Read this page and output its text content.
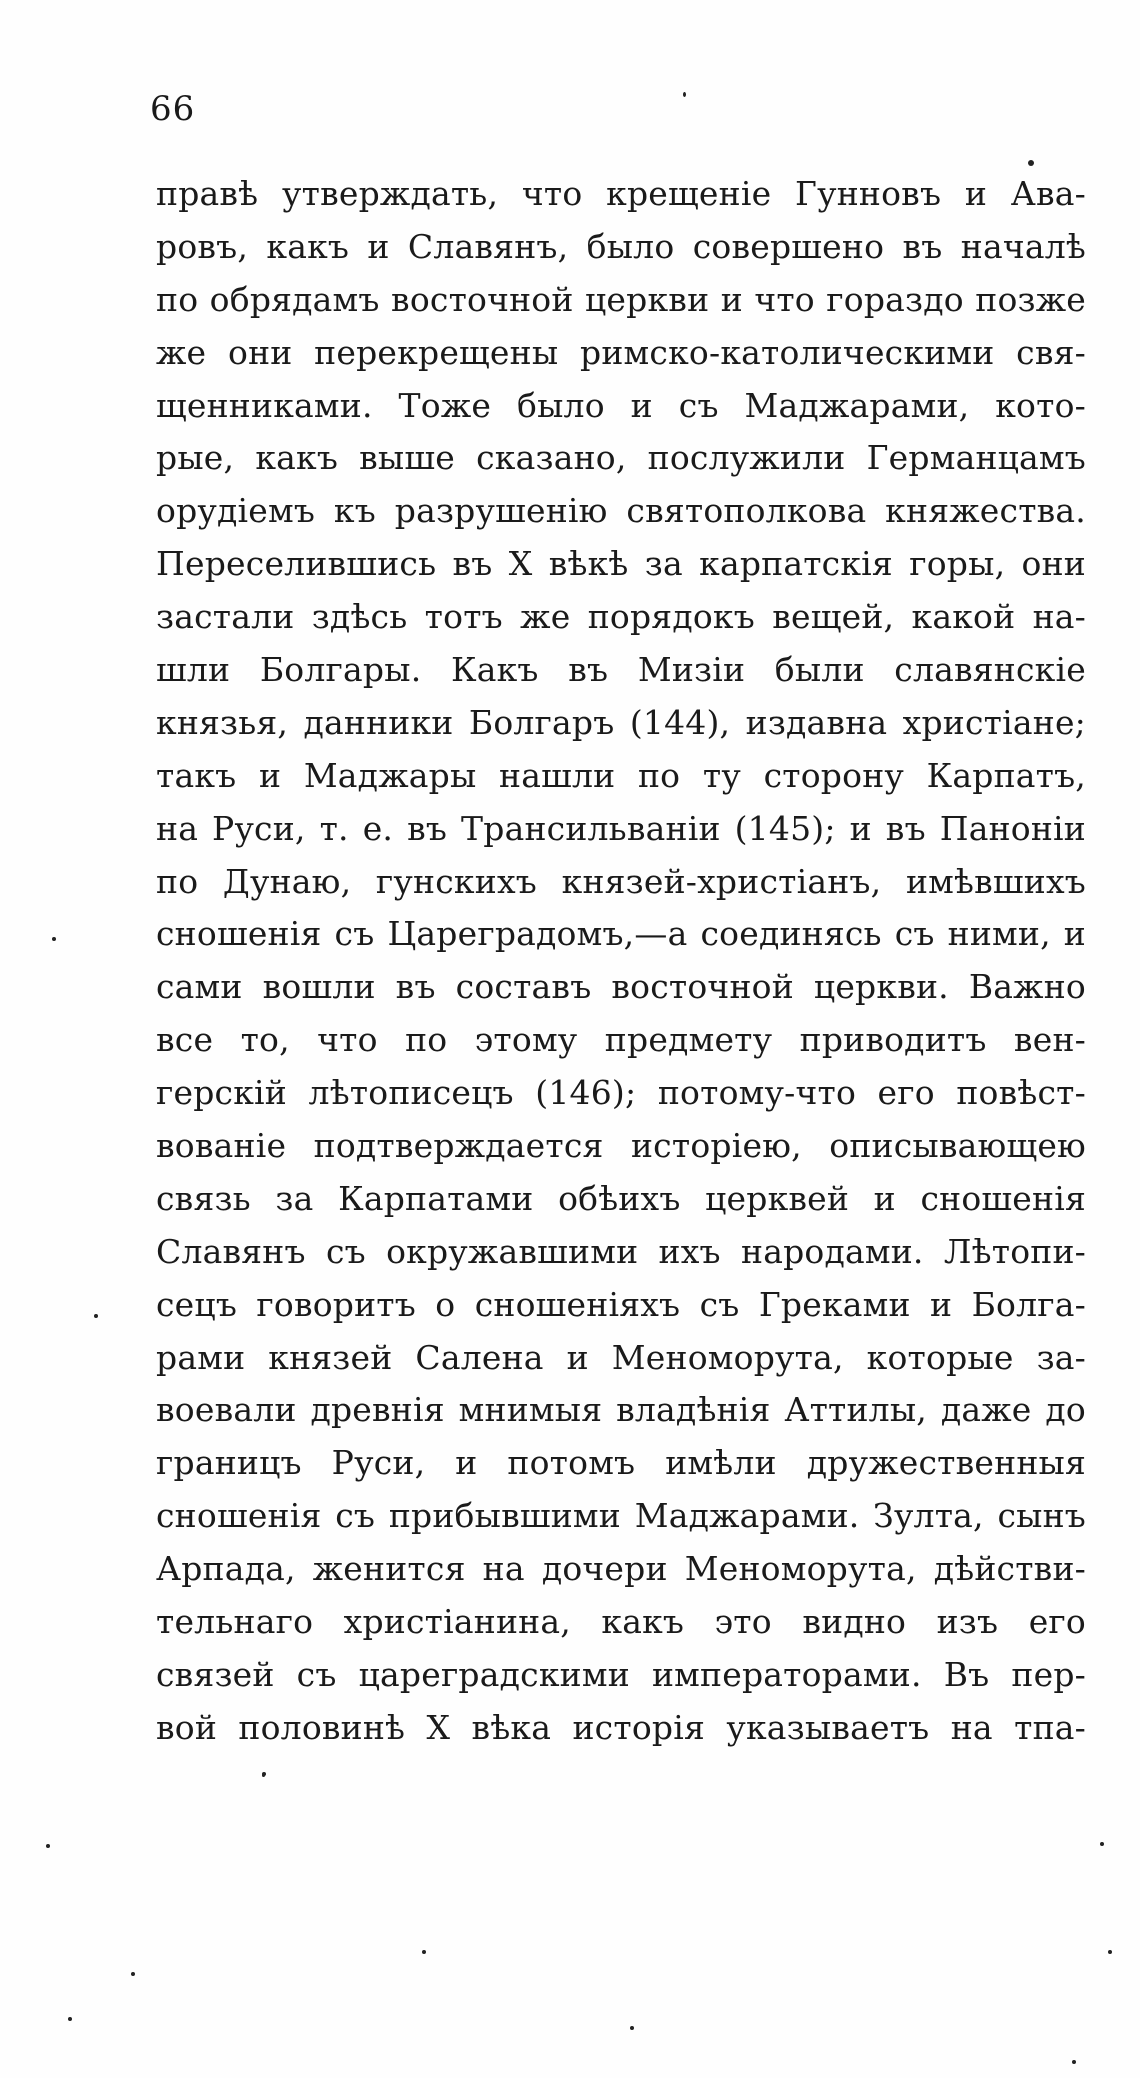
66
правѣ утверждать, что крещеніе Гунновъ и Ава-
ровъ, какъ и Славянъ, было совершено въ началѣ
по обрядамъ восточной церкви и что гораздо позже
же они перекрещены римско-католическими свя-
щенниками. Тоже было и съ Маджарами, кото-
рые, какъ выше сказано, послужили Германцамъ
орудіемъ къ разрушенію святополкова княжества.
Переселившись въ X вѣкѣ за карпатскія горы, они
застали здѣсь тотъ же порядокъ вещей, какой на-
шли Болгары. Какъ въ Мизіи были славянскіе
князья, данники Болгаръ (144), издавна христіане;
такъ и Маджары нашли по ту сторону Карпатъ,
на Руси, т. е. въ Трансильваніи (145); и въ Паноніи
по Дунаю, гунскихъ князей-христіанъ, имѣвшихъ
сношенія съ Цареградомъ,—а соединясь съ ними, и
сами вошли въ составъ восточной церкви. Важно
все то, что по этому предмету приводитъ вен-
герскій лѣтописецъ (146); потому-что его повѣст-
вованіе подтверждается исторіею, описывающею
связь за Карпатами обѣихъ церквей и сношенія
Славянъ съ окружавшими ихъ народами. Лѣтопи-
сецъ говоритъ о сношеніяхъ съ Греками и Болга-
рами князей Салена и Меноморута, которые за-
воевали древнія мнимыя владѣнія Аттилы, даже до
границъ Руси, и потомъ имѣли дружественныя
сношенія съ прибывшими Маджарами. Зулта, сынъ
Арпада, женится на дочери Меноморута, дѣйстви-
тельнаго христіанина, какъ это видно изъ его
связей съ цареградскими императорами. Въ пер-
вой половинѣ X вѣка исторія указываетъ на тпа-
